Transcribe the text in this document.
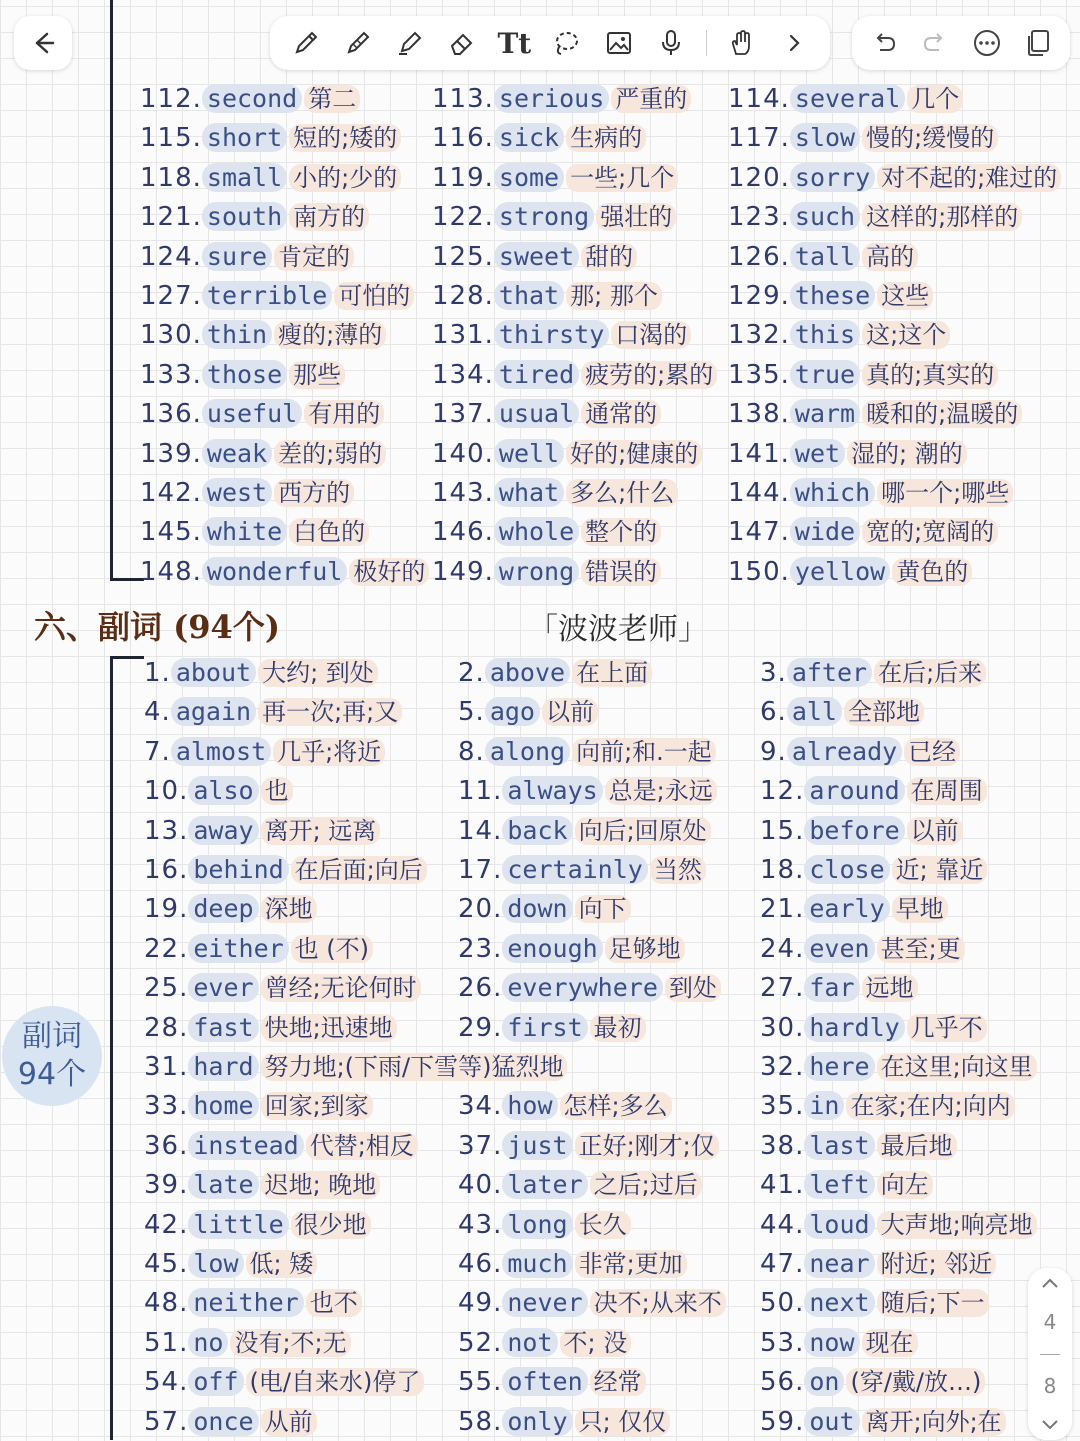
Tt
112. second 第二	113. serious 严重的 114. several 几个
115. short 短的;矮的 116. sick 生病的	117. slow 慢的;缓慢的
118. small 小的;少的 119. some 一些;几个 120. sorry 对不起的;难过的
121. south 南方的	122. strong 强壮的 123. such 这样的;那样的
124. sure 肯定的	125. sweet 甜的	126. tall 高的
127. terrible 可怕的 128. that 那; 那个	129. these 这些
130. thin 瘦的;薄的 131. thirsty 口渴的 132. this 这;这个
133. those 那些	134. tired 疲劳的;累的 135. true 真的;真实的
136. useful 有用的 137. usual 通常的	138. warm 暖和的;温暖的
139. weak 差的;弱的 140. well 好的;健康的 141. wet 湿的; 潮的
142. west 西方的	143. what 多么;什么 144. which 哪一个;哪些
145. white 白色的	146. whole 整个的	147. wide 宽的;宽阔的
148. wonderful 极好的 149. wrong 错误的	150. yellow 黄色的
六、副词 (94个)	「波波老师」
副词
94个
1. about 大约; 到处	2. above 在上面	3. after 在后;后来
4. again 再一次;再;又 5. ago 以前	6. all 全部地
7. almost 几乎;将近	8. along 向前;和.一起 9. already 已经
10. also 也	11. always 总是;永远 12. around 在周围
13. away 离开; 远离	14. back 向后;回原处 15. before 以前
16. behind 在后面;向后 17. certainly 当然 18. close 近; 靠近
19. deep 深地	20. down 向下	21. early 早地
22. either 也 (不)	23. enough 足够地	24. even 甚至;更
25. ever 曾经;无论何时 26. everywhere 到处 27. far 远地
28. fast 快地;迅速地	29. first 最初	30. hardly 几乎不
31. hard 努力地;(下雨/下雪等)猛烈地	32. here 在这里;向这里
33. home 回家;到家	34. how 怎样;多么	35. in 在家;在内;向内
36. instead 代替;相反 37. just 正好;刚才;仅 38. last 最后地
39. late 迟地; 晚地	40. later 之后;过后 41. left 向左
42. little 很少地	43. long 长久	44. loud 大声地;响亮地
45. low 低; 矮	46. much 非常;更加	47. near 附近; 邻近
48. neither 也不	49. never 决不;从来不 50. next 随后;下一
51. no 没有;不;无	52. not 不; 没	53. now 现在
54. off (电/自来水)停了 55. often 经常	56. on (穿/戴/放…)
57. once 从前	58. only 只; 仅仅	59. out 离开;向外;在
4
8
